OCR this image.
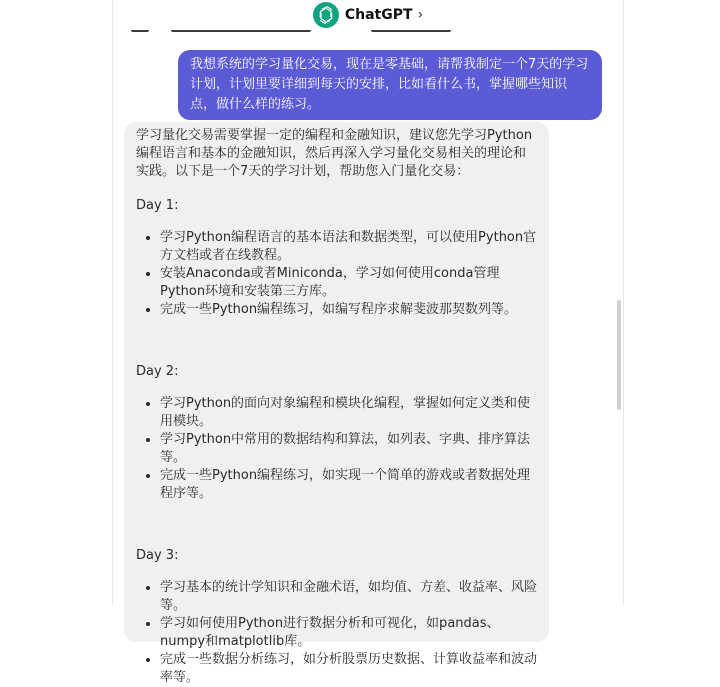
ChatGPT ›
我想系统的学习量化交易，现在是零基础，请帮我制定一个7天的学习计划，计划里要详细到每天的安排，比如看什么书，掌握哪些知识点，做什么样的练习。

学习量化交易需要掌握一定的编程和金融知识，建议您先学习Python编程语言和基本的金融知识，然后再深入学习量化交易相关的理论和实践。以下是一个7天的学习计划，帮助您入门量化交易：

Day 1:

• 学习Python编程语言的基本语法和数据类型，可以使用Python官方文档或者在线教程。
• 安装Anaconda或者Miniconda，学习如何使用conda管理Python环境和安装第三方库。
• 完成一些Python编程练习，如编写程序求解斐波那契数列等。

Day 2:

• 学习Python的面向对象编程和模块化编程，掌握如何定义类和使用模块。
• 学习Python中常用的数据结构和算法，如列表、字典、排序算法等。
• 完成一些Python编程练习，如实现一个简单的游戏或者数据处理程序等。

Day 3:

• 学习基本的统计学知识和金融术语，如均值、方差、收益率、风险等。
• 学习如何使用Python进行数据分析和可视化，如pandas、numpy和matplotlib库。
• 完成一些数据分析练习，如分析股票历史数据、计算收益率和波动率等。
